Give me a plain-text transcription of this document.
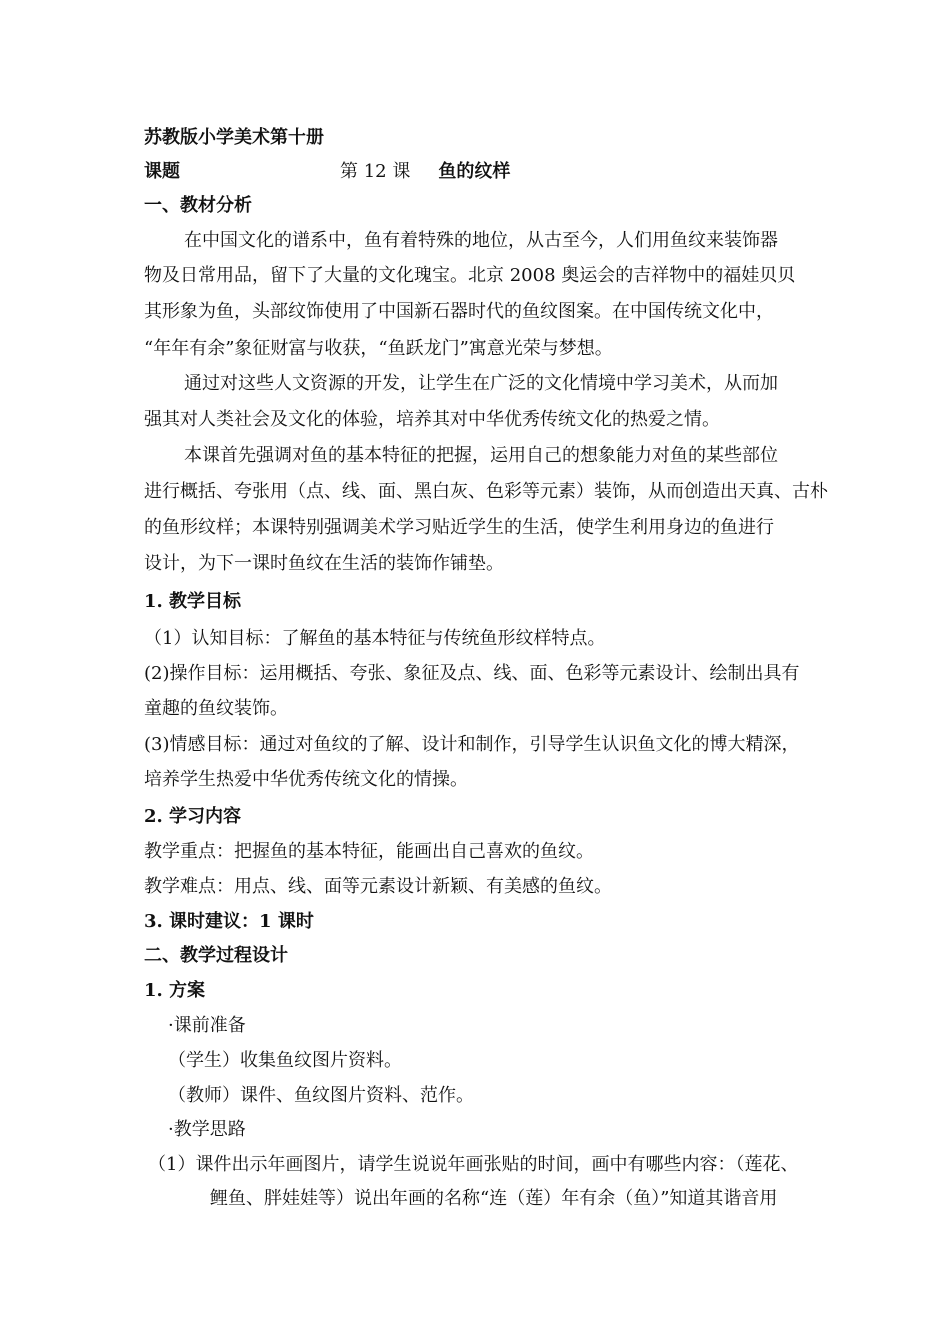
苏教版小学美术第十册
课题	第 12 课 鱼的纹样
一、教材分析
在中国文化的谱系中，鱼有着特殊的地位，从古至今，人们用鱼纹来装饰器
物及日常用品，留下了大量的文化瑰宝。北京 2008 奥运会的吉祥物中的福娃贝贝
其形象为鱼，头部纹饰使用了中国新石器时代的鱼纹图案。在中国传统文化中，
“年年有余”象征财富与收获，“鱼跃龙门”寓意光荣与梦想。
通过对这些人文资源的开发，让学生在广泛的文化情境中学习美术，从而加
强其对人类社会及文化的体验，培养其对中华优秀传统文化的热爱之情。
本课首先强调对鱼的基本特征的把握，运用自己的想象能力对鱼的某些部位
进行概括、夸张用（点、线、面、黑白灰、色彩等元素）装饰，从而创造出天真、古朴
的鱼形纹样；本课特别强调美术学习贴近学生的生活，使学生利用身边的鱼进行
设计，为下一课时鱼纹在生活的装饰作铺垫。
1. 教学目标
（1）认知目标：了解鱼的基本特征与传统鱼形纹样特点。
(2)操作目标：运用概括、夸张、象征及点、线、面、色彩等元素设计、绘制出具有
童趣的鱼纹装饰。
(3)情感目标：通过对鱼纹的了解、设计和制作，引导学生认识鱼文化的博大精深，
培养学生热爱中华优秀传统文化的情操。
2. 学习内容
教学重点：把握鱼的基本特征，能画出自己喜欢的鱼纹。
教学难点：用点、线、面等元素设计新颖、有美感的鱼纹。
3. 课时建议：1 课时
二、教学过程设计
1. 方案
·课前准备
（学生）收集鱼纹图片资料。
（教师）课件、鱼纹图片资料、范作。
·教学思路
（1）课件出示年画图片，请学生说说年画张贴的时间，画中有哪些内容：（莲花、
鲤鱼、胖娃娃等）说出年画的名称“连（莲）年有余（鱼）”知道其谐音用
